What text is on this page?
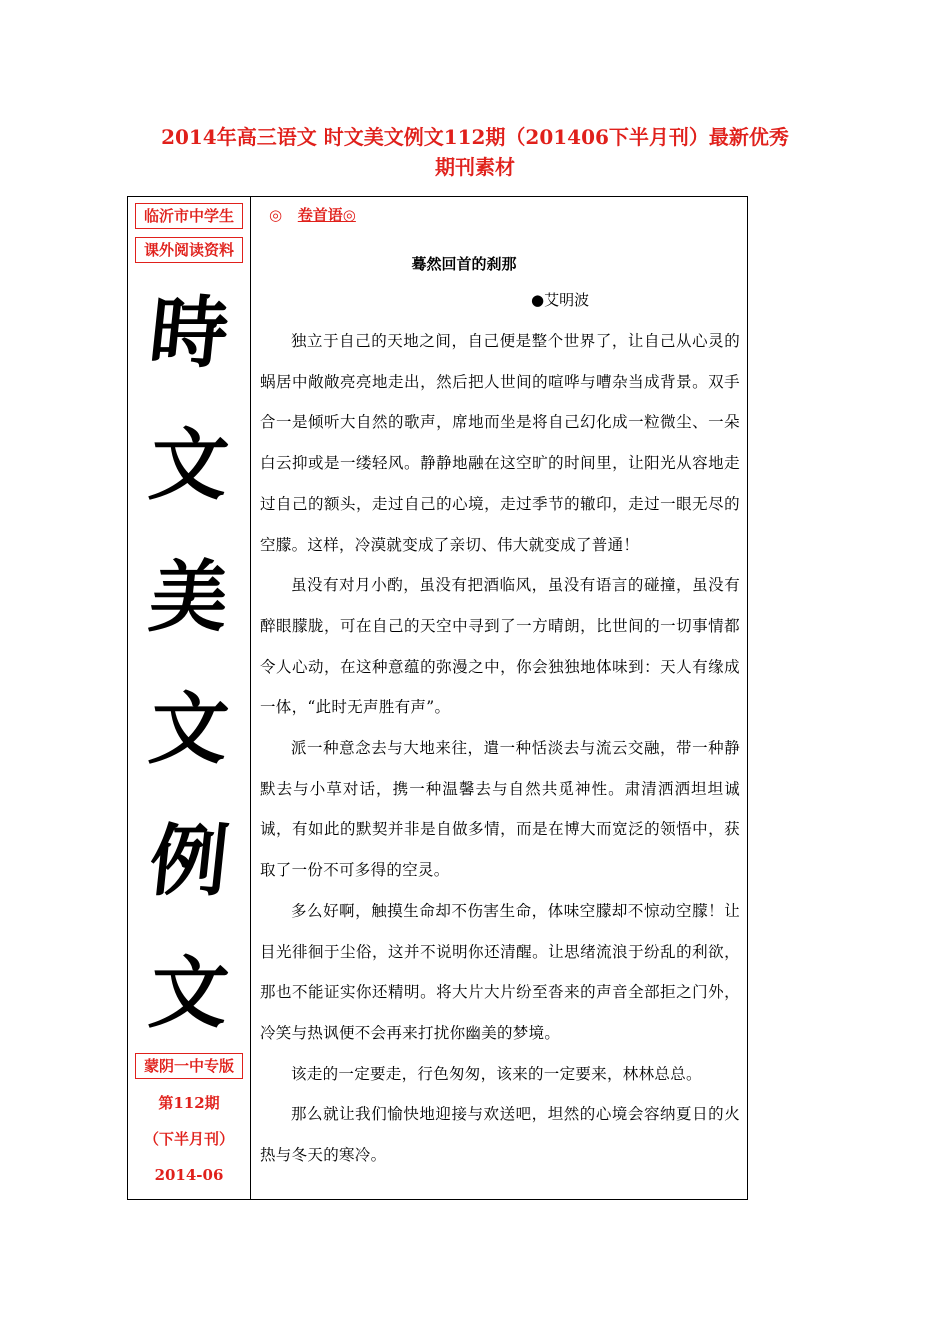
2014年高三语文 时文美文例文112期（201406下半月刊）最新优秀
期刊素材
临沂市中学生
课外阅读资料
時
文
美
文
例
文
蒙阴一中专版
第112期
（下半月刊）
2014-06
◎ 卷首语◎
蓦然回首的刹那
●艾明波

独立于自己的天地之间，自己便是整个世界了，让自己从心灵的蜗居中敞敞亮亮地走出，然后把人世间的喧哗与嘈杂当成背景。双手合一是倾听大自然的歌声，席地而坐是将自己幻化成一粒微尘、一朵白云抑或是一缕轻风。静静地融在这空旷的时间里，让阳光从容地走过自己的额头，走过自己的心境，走过季节的辙印，走过一眼无尽的空朦。这样，冷漠就变成了亲切、伟大就变成了普通！

虽没有对月小酌，虽没有把酒临风，虽没有语言的碰撞，虽没有醉眼朦胧，可在自己的天空中寻到了一方晴朗，比世间的一切事情都令人心动，在这种意蕴的弥漫之中，你会独独地体味到：天人有缘成一体，“此时无声胜有声”。

派一种意念去与大地来往，遣一种恬淡去与流云交融，带一种静默去与小草对话，携一种温馨去与自然共觅神性。肃清洒洒坦坦诚诚，有如此的默契并非是自做多情，而是在博大而宽泛的领悟中，获取了一份不可多得的空灵。

多么好啊，触摸生命却不伤害生命，体味空朦却不惊动空朦！让目光徘徊于尘俗，这并不说明你还清醒。让思绪流浪于纷乱的利欲，那也不能证实你还精明。将大片大片纷至沓来的声音全部拒之门外，冷笑与热讽便不会再来打扰你幽美的梦境。

该走的一定要走，行色匆匆，该来的一定要来，林林总总。

那么就让我们愉快地迎接与欢送吧，坦然的心境会容纳夏日的火热与冬天的寒冷。
